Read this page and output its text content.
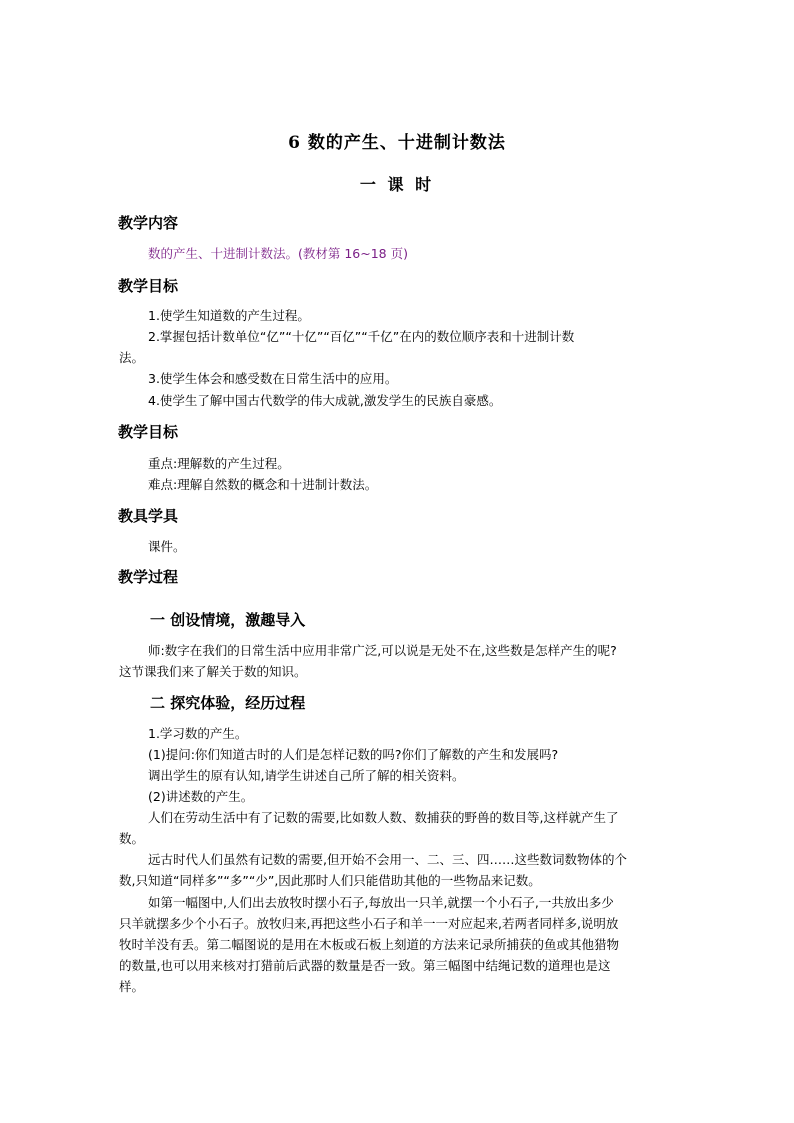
6 数的产生、十进制计数法
一 课 时
教学内容
数的产生、十进制计数法。(教材第 16~18 页)
教学目标
1.使学生知道数的产生过程。
2.掌握包括计数单位“亿”“十亿”“百亿”“千亿”在内的数位顺序表和十进制计数
法。
3.使学生体会和感受数在日常生活中的应用。
4.使学生了解中国古代数学的伟大成就,激发学生的民族自豪感。
教学目标
重点:理解数的产生过程。
难点:理解自然数的概念和十进制计数法。
教具学具
课件。
教学过程
一 创设情境，激趣导入
师:数字在我们的日常生活中应用非常广泛,可以说是无处不在,这些数是怎样产生的呢?
这节课我们来了解关于数的知识。
二 探究体验，经历过程
1.学习数的产生。
(1)提问:你们知道古时的人们是怎样记数的吗?你们了解数的产生和发展吗?
调出学生的原有认知,请学生讲述自己所了解的相关资料。
(2)讲述数的产生。
人们在劳动生活中有了记数的需要,比如数人数、数捕获的野兽的数目等,这样就产生了
数。
远古时代人们虽然有记数的需要,但开始不会用一、二、三、四……这些数词数物体的个
数,只知道“同样多”“多”“少”,因此那时人们只能借助其他的一些物品来记数。
如第一幅图中,人们出去放牧时摆小石子,每放出一只羊,就摆一个小石子,一共放出多少
只羊就摆多少个小石子。放牧归来,再把这些小石子和羊一一对应起来,若两者同样多,说明放
牧时羊没有丢。第二幅图说的是用在木板或石板上刻道的方法来记录所捕获的鱼或其他猎物
的数量,也可以用来核对打猎前后武器的数量是否一致。第三幅图中结绳记数的道理也是这
样。
